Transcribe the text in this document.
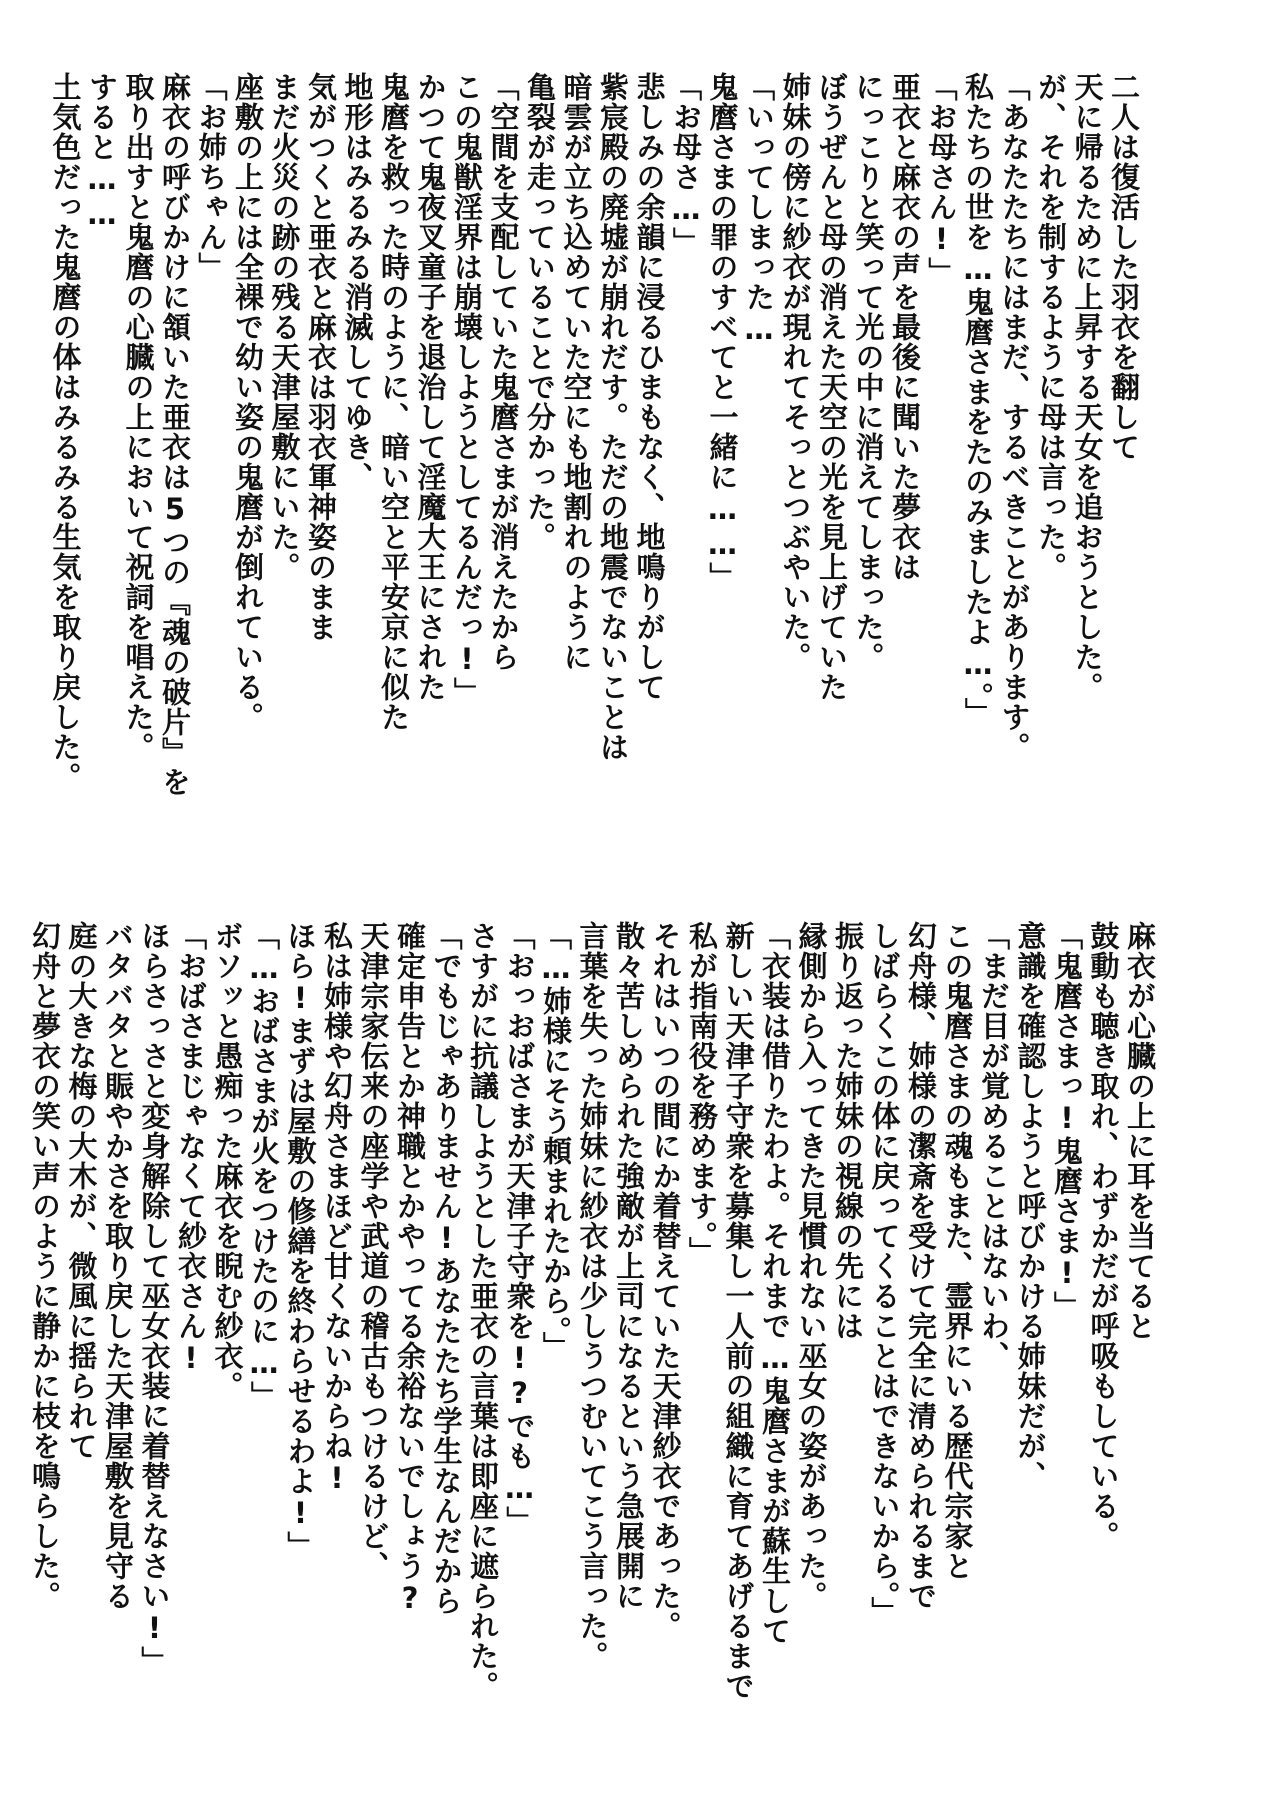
二人は復活した羽衣を翻して
天に帰るために上昇する天女を追おうとした。
が、それを制するように母は言った。
「あなたたちにはまだ、するべきことがあります。
私たちの世を…鬼麿さまをたのみましたよ…。」
「お母さん!」
亜衣と麻衣の声を最後に聞いた夢衣は
にっこりと笑って光の中に消えてしまった。
ぼうぜんと母の消えた天空の光を見上げていた
姉妹の傍に紗衣が現れてそっとつぶやいた。
「いってしまった…
鬼麿さまの罪のすべてと一緒に……」
「お母さ…」
悲しみの余韻に浸るひまもなく、地鳴りがして
紫宸殿の廃墟が崩れだす。ただの地震でないことは
暗雲が立ち込めていた空にも地割れのように
亀裂が走っていることで分かった。
「空間を支配していた鬼麿さまが消えたから
この鬼獣淫界は崩壊しようとしてるんだっ!」
かつて鬼夜叉童子を退治して淫魔大王にされた
鬼麿を救った時のように、暗い空と平安京に似た
地形はみるみる消滅してゆき、
気がつくと亜衣と麻衣は羽衣軍神姿のまま
まだ火災の跡の残る天津屋敷にいた。
座敷の上には全裸で幼い姿の鬼麿が倒れている。
「お姉ちゃん」
麻衣の呼びかけに頷いた亜衣は5つの『魂の破片』を
取り出すと鬼麿の心臓の上において祝詞を唱えた。
すると……
土気色だった鬼麿の体はみるみる生気を取り戻した。
麻衣が心臓の上に耳を当てると
鼓動も聴き取れ、わずかだが呼吸もしている。
「鬼麿さまっ!鬼麿さま!」
意識を確認しようと呼びかける姉妹だが、
「まだ目が覚めることはないわ、
この鬼麿さまの魂もまた、霊界にいる歴代宗家と
幻舟様、姉様の潔斎を受けて完全に清められるまで
しばらくこの体に戻ってくることはできないから。」
振り返った姉妹の視線の先には
縁側から入ってきた見慣れない巫女の姿があった。
「衣装は借りたわよ。それまで…鬼麿さまが蘇生して
新しい天津子守衆を募集し一人前の組織に育てあげるまで
私が指南役を務めます。」
それはいつの間にか着替えていた天津紗衣であった。
散々苦しめられた強敵が上司になるという急展開に
言葉を失った姉妹に紗衣は少しうつむいてこう言った。
「…姉様にそう頼まれたから。」
「おっおばさまが天津子守衆を!?でも…」
さすがに抗議しようとした亜衣の言葉は即座に遮られた。
「でもじゃありません!あなたたち学生なんだから
確定申告とか神職とかやってる余裕ないでしょう?
天津宗家伝来の座学や武道の稽古もつけるけど、
私は姉様や幻舟さまほど甘くないからね!
ほら!まずは屋敷の修繕を終わらせるわよ!」
「…おばさまが火をつけたのに…」
ボソッと愚痴った麻衣を睨む紗衣。
「おばさまじゃなくて紗衣さん!
ほらさっさと変身解除して巫女衣装に着替えなさい!」
バタバタと賑やかさを取り戻した天津屋敷を見守る
庭の大きな梅の大木が、微風に揺られて
幻舟と夢衣の笑い声のように静かに枝を鳴らした。
